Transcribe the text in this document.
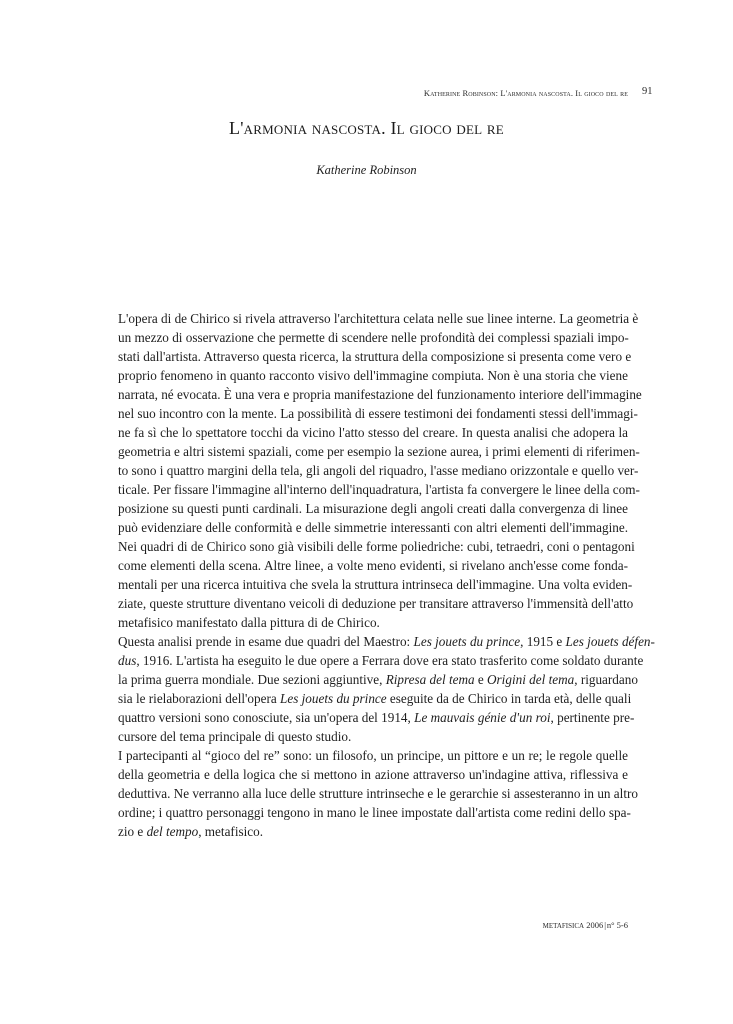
Katherine Robinson: L'armonia nascosta. Il gioco del re 91
L'armonia nascosta. Il gioco del re
Katherine Robinson
L'opera di de Chirico si rivela attraverso l'architettura celata nelle sue linee interne. La geometria è
un mezzo di osservazione che permette di scendere nelle profondità dei complessi spaziali impo-
stati dall'artista. Attraverso questa ricerca, la struttura della composizione si presenta come vero e
proprio fenomeno in quanto racconto visivo dell'immagine compiuta. Non è una storia che viene
narrata, né evocata. È una vera e propria manifestazione del funzionamento interiore dell'immagine
nel suo incontro con la mente. La possibilità di essere testimoni dei fondamenti stessi dell'immagi-
ne fa sì che lo spettatore tocchi da vicino l'atto stesso del creare. In questa analisi che adopera la
geometria e altri sistemi spaziali, come per esempio la sezione aurea, i primi elementi di riferimen-
to sono i quattro margini della tela, gli angoli del riquadro, l'asse mediano orizzontale e quello ver-
ticale. Per fissare l'immagine all'interno dell'inquadratura, l'artista fa convergere le linee della com-
posizione su questi punti cardinali. La misurazione degli angoli creati dalla convergenza di linee
può evidenziare delle conformità e delle simmetrie interessanti con altri elementi dell'immagine.
Nei quadri di de Chirico sono già visibili delle forme poliedriche: cubi, tetraedri, coni o pentagoni
come elementi della scena. Altre linee, a volte meno evidenti, si rivelano anch'esse come fonda-
mentali per una ricerca intuitiva che svela la struttura intrinseca dell'immagine. Una volta eviden-
ziate, queste strutture diventano veicoli di deduzione per transitare attraverso l'immensità dell'atto
metafisico manifestato dalla pittura di de Chirico.
Questa analisi prende in esame due quadri del Maestro: Les jouets du prince, 1915 e Les jouets défen-
dus, 1916. L'artista ha eseguito le due opere a Ferrara dove era stato trasferito come soldato durante
la prima guerra mondiale. Due sezioni aggiuntive, Ripresa del tema e Origini del tema, riguardano
sia le rielaborazioni dell'opera Les jouets du prince eseguite da de Chirico in tarda età, delle quali
quattro versioni sono conosciute, sia un'opera del 1914, Le mauvais génie d'un roi, pertinente pre-
cursore del tema principale di questo studio.
I partecipanti al “gioco del re” sono: un filosofo, un principe, un pittore e un re; le regole quelle
della geometria e della logica che si mettono in azione attraverso un'indagine attiva, riflessiva e
deduttiva. Ne verranno alla luce delle strutture intrinseche e le gerarchie si assesteranno in un altro
ordine; i quattro personaggi tengono in mano le linee impostate dall'artista come redini dello spa-
zio e del tempo, metafisico.
metafisica 2006|n° 5-6
